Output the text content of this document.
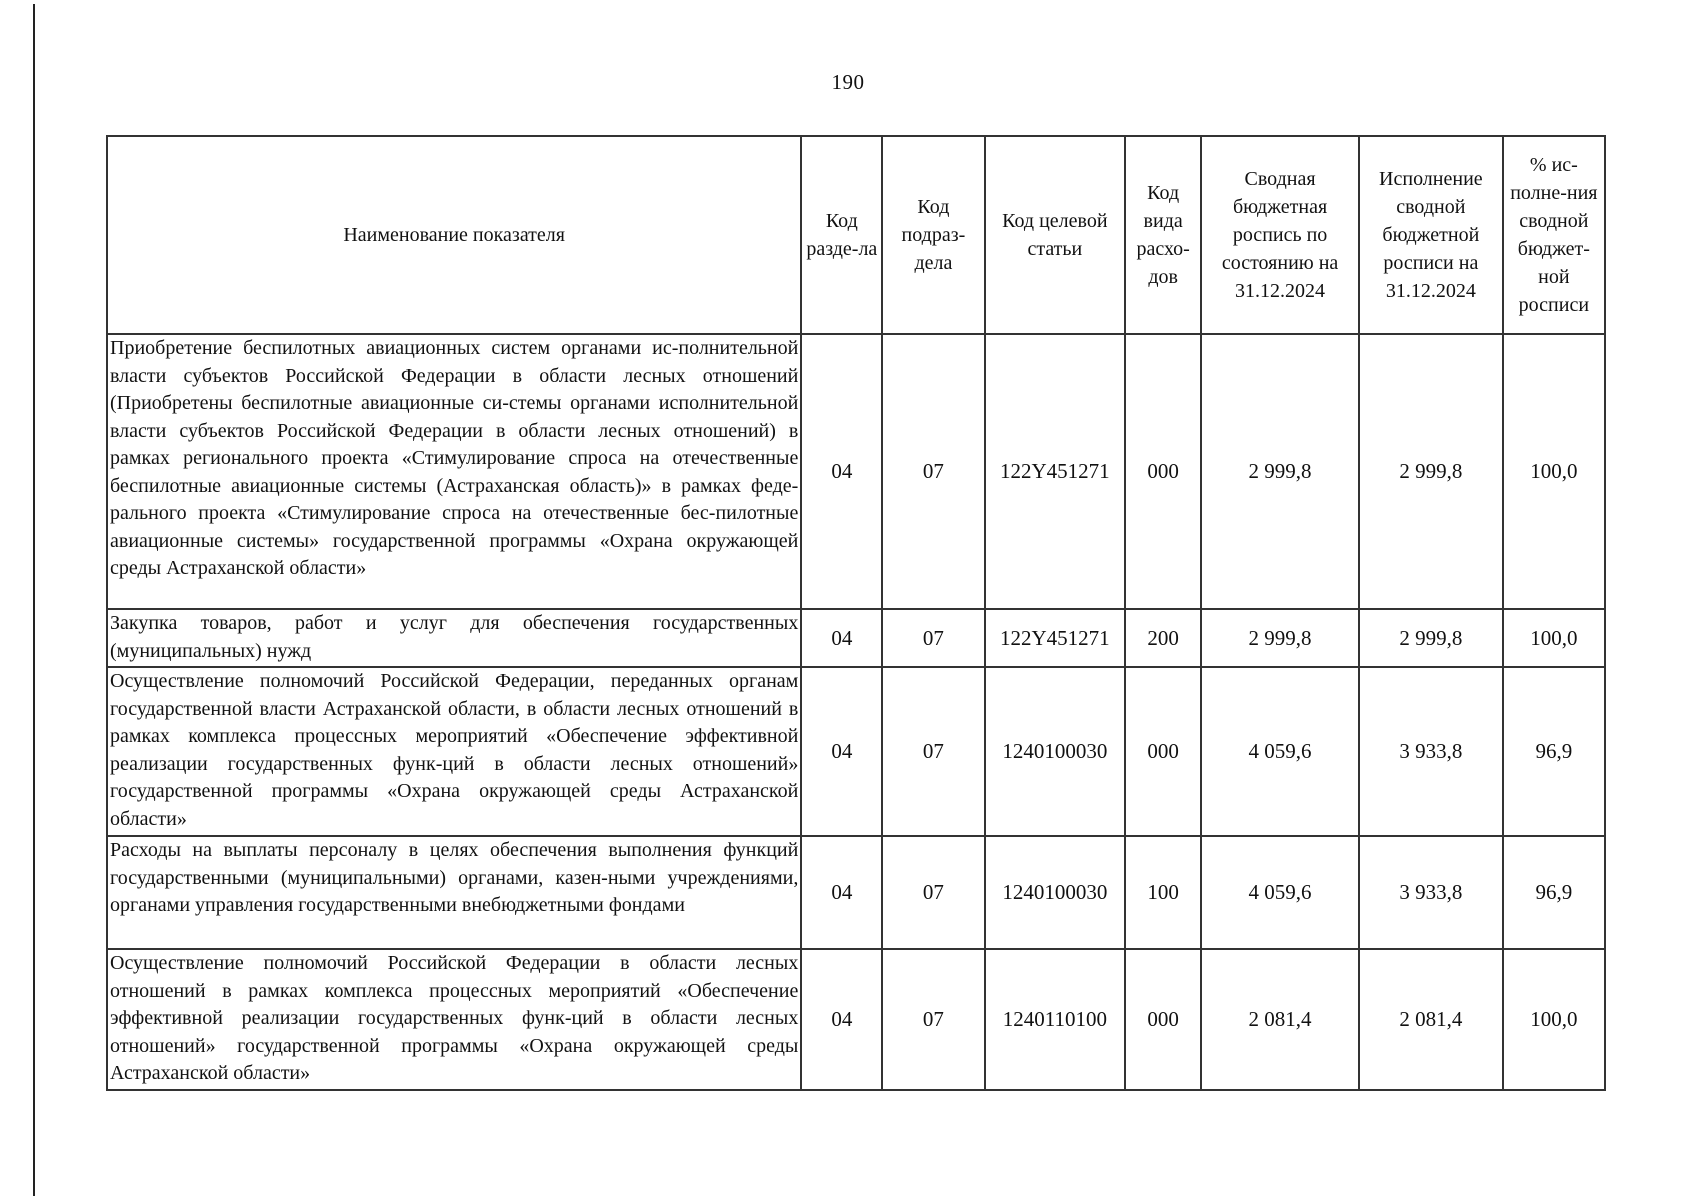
190
Наименование показателя	Код разде-ла	Код подраз-дела	Код целевой статьи	Код вида расхо-дов	Сводная бюджетная роспись по состоянию на 31.12.2024	Исполнение сводной бюджетной росписи на 31.12.2024	% ис-полне-ния сводной бюджет-ной росписи

Приобретение беспилотных авиационных систем органами ис-полнительной власти субъектов Российской Федерации в области лесных отношений (Приобретены беспилотные авиационные си-стемы органами исполнительной власти субъектов Российской Федерации в области лесных отношений) в рамках регионального проекта «Стимулирование спроса на отечественные беспилотные авиационные системы (Астраханская область)» в рамках феде-рального проекта «Стимулирование спроса на отечественные бес-пилотные авиационные системы» государственной программы «Охрана окружающей среды Астраханской области»	04	07	122Y451271	000	2 999,8	2 999,8	100,0
Закупка товаров, работ и услуг для обеспечения государственных (муниципальных) нужд	04	07	122Y451271	200	2 999,8	2 999,8	100,0
Осуществление полномочий Российской Федерации, переданных органам государственной власти Астраханской области, в области лесных отношений в рамках комплекса процессных мероприятий «Обеспечение эффективной реализации государственных функ-ций в области лесных отношений» государственной программы «Охрана окружающей среды Астраханской области»	04	07	1240100030	000	4 059,6	3 933,8	96,9
Расходы на выплаты персоналу в целях обеспечения выполнения функций государственными (муниципальными) органами, казен-ными учреждениями, органами управления государственными внебюджетными фондами	04	07	1240100030	100	4 059,6	3 933,8	96,9
Осуществление полномочий Российской Федерации в области лесных отношений в рамках комплекса процессных мероприятий «Обеспечение эффективной реализации государственных функ-ций в области лесных отношений» государственной программы «Охрана окружающей среды Астраханской области»	04	07	1240110100	000	2 081,4	2 081,4	100,0
